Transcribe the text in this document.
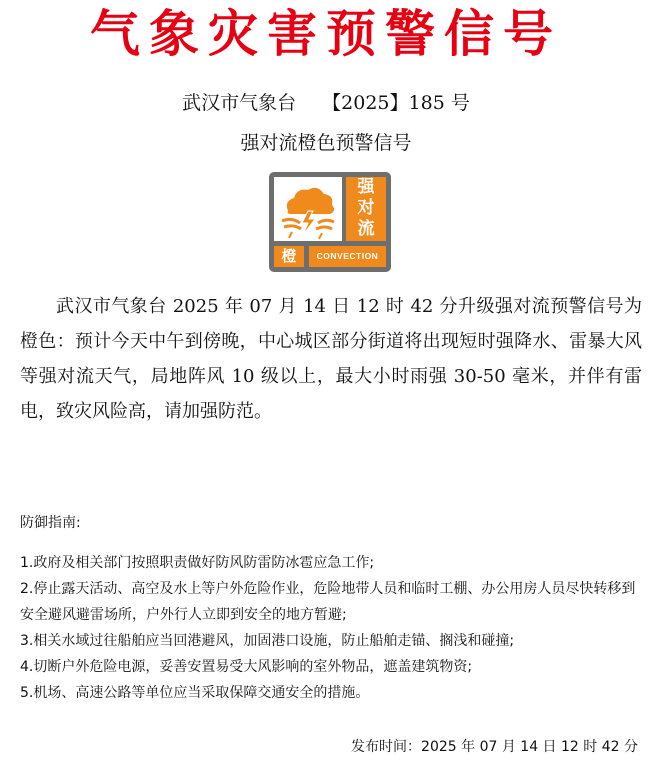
气象灾害预警信号
武汉市气象台 【2025】185 号
强对流橙色预警信号
强
对
流
橙	CONVECTION

武汉市气象台 2025 年 07 月 14 日 12 时 42 分升级强对流预警信号为橙色：预计今天中午到傍晚，中心城区部分街道将出现短时强降水、雷暴大风等强对流天气，局地阵风 10 级以上，最大小时雨强 30-50 毫米，并伴有雷电，致灾风险高，请加强防范。

防御指南:
1.政府及相关部门按照职责做好防风防雷防冰雹应急工作;
2.停止露天活动、高空及水上等户外危险作业，危险地带人员和临时工棚、办公用房人员尽快转移到安全避风避雷场所，户外行人立即到安全的地方暂避;
3.相关水域过往船舶应当回港避风，加固港口设施，防止船舶走锚、搁浅和碰撞;
4.切断户外危险电源，妥善安置易受大风影响的室外物品，遮盖建筑物资;
5.机场、高速公路等单位应当采取保障交通安全的措施。
发布时间：2025 年 07 月 14 日 12 时 42 分
